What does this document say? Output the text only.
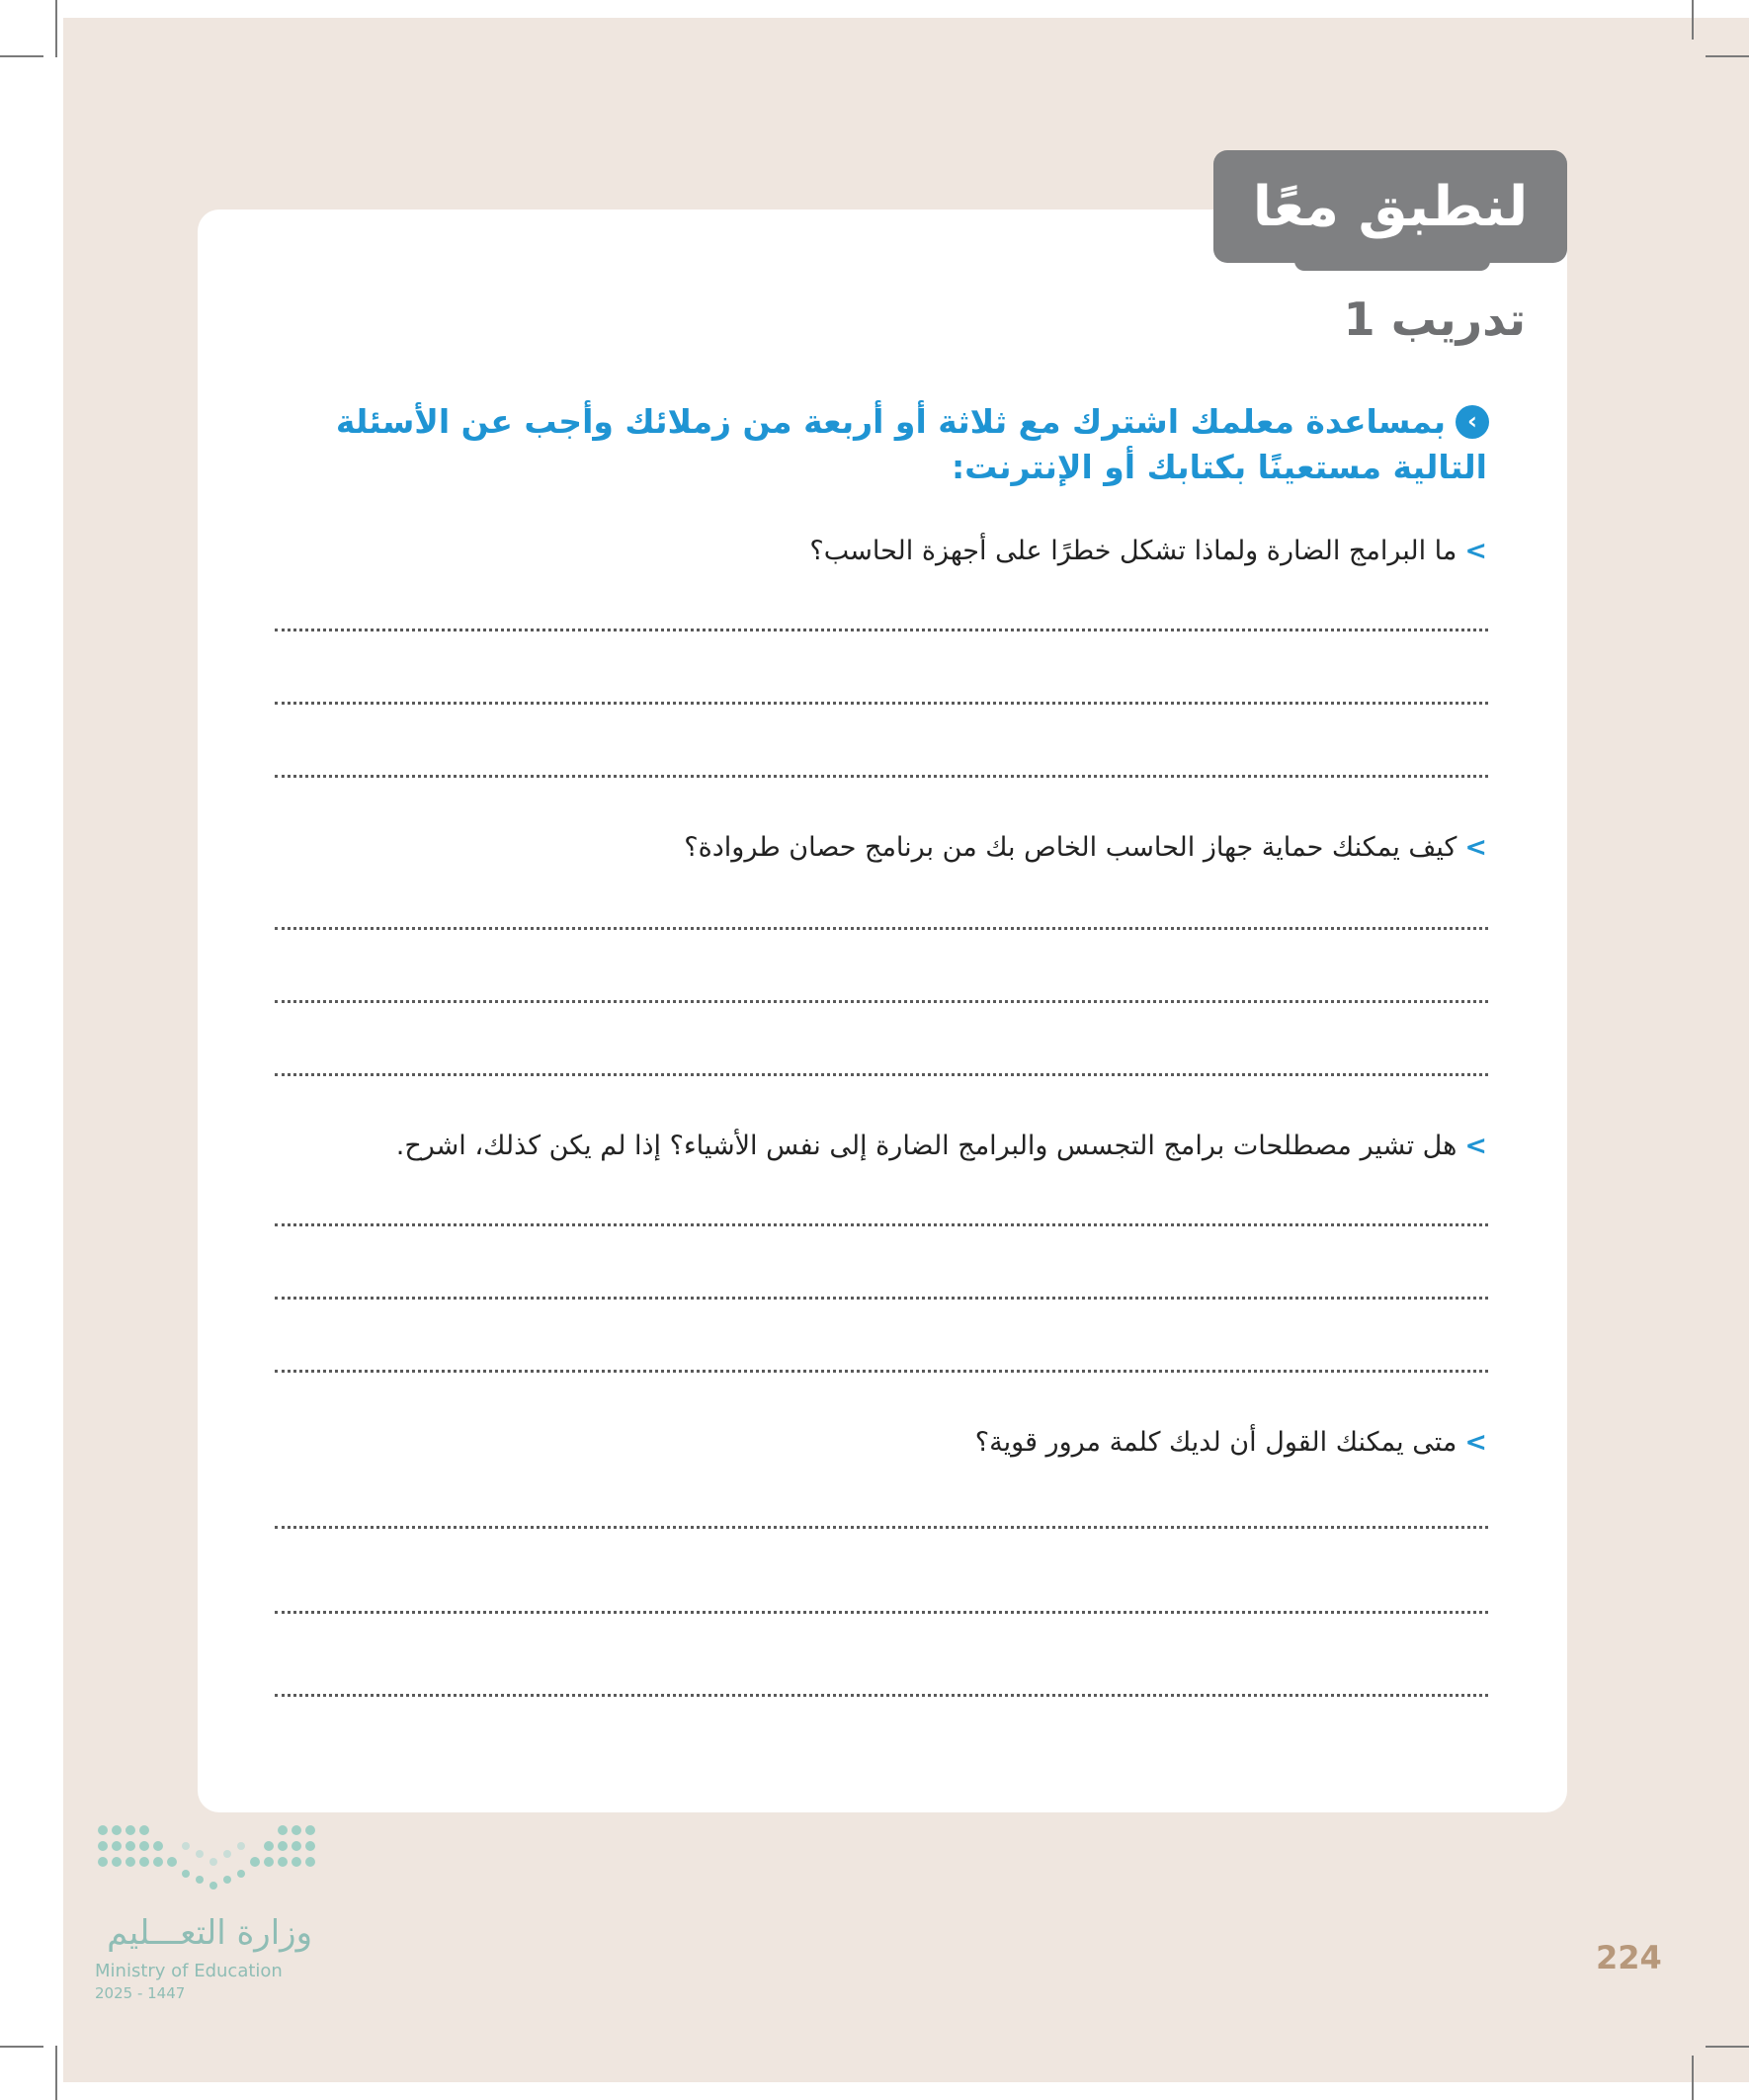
لنطبق معًا
تدريب 1
‹
بمساعدة معلمك اشترك مع ثلاثة أو أربعة من زملائك وأجب عن الأسئلة التالية مستعينًا بكتابك أو الإنترنت:
>ما البرامج الضارة ولماذا تشكل خطرًا على أجهزة الحاسب؟
>كيف يمكنك حماية جهاز الحاسب الخاص بك من برنامج حصان طروادة؟
>هل تشير مصطلحات برامج التجسس والبرامج الضارة إلى نفس الأشياء؟ إذا لم يكن كذلك، اشرح.
>متى يمكنك القول أن لديك كلمة مرور قوية؟
وزارة التعـــليم
Ministry of Education
2025 - 1447
224
